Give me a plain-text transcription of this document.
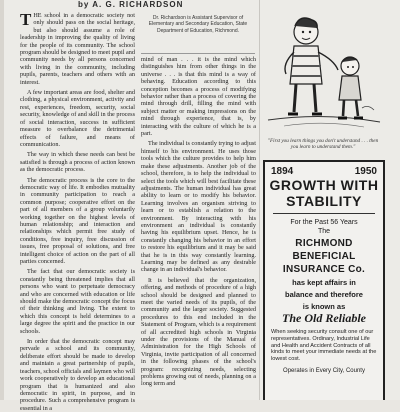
by A. G. RICHARDSON

THE school in a democratic society not only should pass on the social heritage, but also should assume a role of leadership in improving the quality of living for the people of its community. The school program should be designed to meet pupil and community needs by all persons concerned with living in the community, including pupils, parents, teachers and others with an interest.

A few important areas are food, shelter and clothing, a physical environment, activity and rest, experiences, freedom, security, social security, knowledge of and skill in the process of social interaction, success in sufficient measure to overbalance the detrimental effects of failure, and means of communication.

The way in which these needs can best be satisfied is through a process of action known as the democratic process.

The democratic process is the core to the democratic way of life. It embodies mutuality in community participation to reach a common purpose; cooperative effort on the part of all members of a group voluntarily working together on the highest levels of human relationship; and interaction and relationships which permit free study of conditions, free inquiry, free discussion of issues, free proposal of solutions, and free intelligent choice of action on the part of all parties concerned.

The fact that our democratic society is constantly being threatened implies that all persons who want to perpetuate democracy and who are concerned with education or life should make the democratic concept the focus of their thinking and living. The extent to which this concept is held determines to a large degree the spirit and the practice in our schools.

In order that the democratic concept may pervade a school and its community, deliberate effort should be made to develop and maintain a great partnership of pupils, teachers, school officials and laymen who will work cooperatively to develop an educational program that is humanized and also democratic in spirit, in purpose, and in procedure. Such a comprehensive program is essential in a

Dr. Richardson is Assistant Supervisor of Elementary and Secondary Education, State Department of Education, Richmond.

mind of man . . . it is the mind which distinguishes him from other things in the universe . . . is that this mind is a way of behaving. Education according to this conception becomes a process of modifying behavior rather than a process of covering the mind through drill, filling the mind with subject matter or making impressions on the mind through experience, that is, by interacting with the culture of which he is a part.

The individual is constantly trying to adjust himself to his environment. He uses those tools which the culture provides to help him make these adjustments. Another job of the school, therefore, is to help the individual to select the tools which will best facilitate these adjustments. The human individual has great ability to learn or to modify his behavior. Learning involves an organism striving to learn or to establish a relation to the environment. By interacting with his environment an individual is constantly having his equilibrium upset. Hence, he is constantly changing his behavior in an effort to restore his equilibrium and it may be said that he is in this way constantly learning. Learning may be defined as any desirable change in an individual's behavior.

It is believed that the organization, offering, and methods of procedure of a high school should be designed and planned to meet the varied needs of its pupils, of the community and the larger society. Suggested procedures to this end included in the Statement of Program, which is a requirement of all accredited high schools in Virginia under the provisions of the Manual of Administration for the High Schools of Virginia, invite participation of all concerned in the following phases of the school's program: recognizing needs, selecting problems growing out of needs, planning on a long term and

"First you learn things you don't understand . . . then you learn to understand them."
1894	1950
GROWTH WITH
STABILITY
For the Past 56 Years
The
RICHMOND
BENEFICIAL
INSURANCE Co.
has kept affairs in
balance and therefore
is known as
The Old Reliable
When seeking security consult one of our representatives. Ordinary, Industrial Life and Health and Accident Contracts of all kinds to meet your immediate needs at the lowest cost.
Operates in Every City, County
